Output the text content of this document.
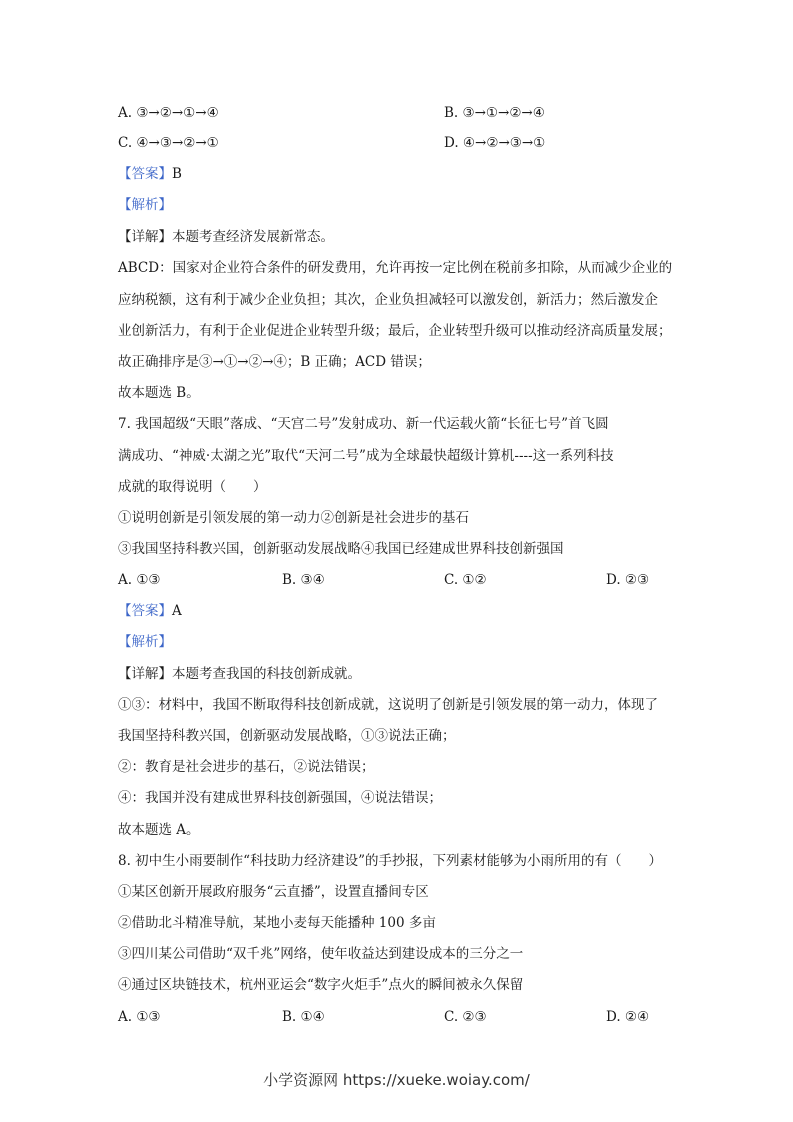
A. ③→②→①→④	B. ③→①→②→④
C. ④→③→②→①	D. ④→②→③→①
【答案】B
【解析】
【详解】本题考查经济发展新常态。
ABCD：国家对企业符合条件的研发费用，允许再按一定比例在税前多扣除，从而减少企业的
应纳税额，这有利于减少企业负担；其次，企业负担减轻可以激发创，新活力；然后激发企
业创新活力，有利于企业促进企业转型升级；最后，企业转型升级可以推动经济高质量发展；
故正确排序是③→①→②→④；B 正确；ACD 错误；
故本题选 B。
7. 我国超级“天眼”落成、“天宫二号”发射成功、新一代运载火箭“长征七号”首飞圆
满成功、“神威·太湖之光”取代“天河二号”成为全球最快超级计算机----这一系列科技
成就的取得说明（　　）
①说明创新是引领发展的第一动力②创新是社会进步的基石
③我国坚持科教兴国，创新驱动发展战略④我国已经建成世界科技创新强国
A. ①③	B. ③④	C. ①②	D. ②③
【答案】A
【解析】
【详解】本题考查我国的科技创新成就。
①③：材料中，我国不断取得科技创新成就，这说明了创新是引领发展的第一动力，体现了
我国坚持科教兴国，创新驱动发展战略，①③说法正确；
②：教育是社会进步的基石，②说法错误；
④：我国并没有建成世界科技创新强国，④说法错误；
故本题选 A。
8. 初中生小雨要制作“科技助力经济建设”的手抄报，下列素材能够为小雨所用的有（　　）
①某区创新开展政府服务“云直播”，设置直播间专区
②借助北斗精准导航，某地小麦每天能播种 100 多亩
③四川某公司借助“双千兆”网络，使年收益达到建设成本的三分之一
④通过区块链技术，杭州亚运会“数字火炬手”点火的瞬间被永久保留
A. ①③	B. ①④	C. ②③	D. ②④
小学资源网 https://xueke.woiay.com/
